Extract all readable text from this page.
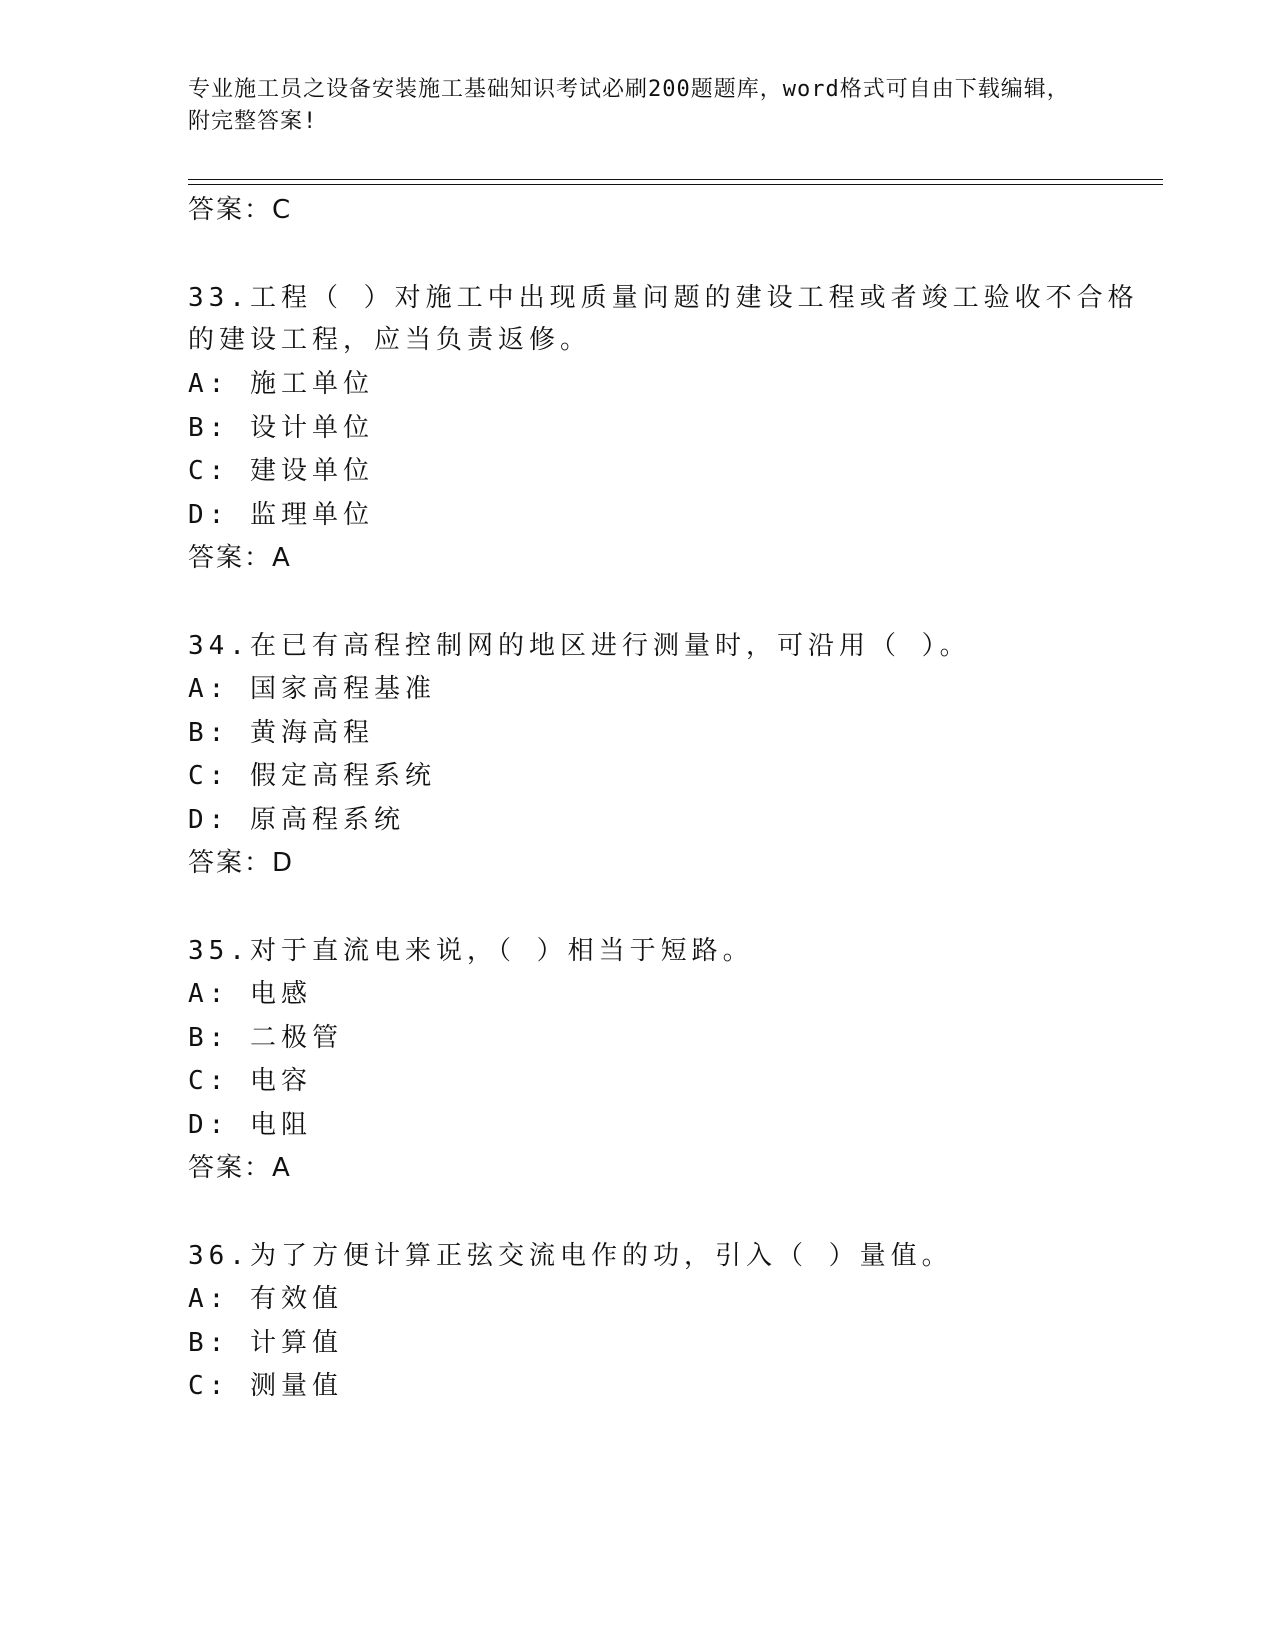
专业施工员之设备安装施工基础知识考试必刷200题题库，word格式可自由下载编辑，附完整答案!
答案：C
33.工程（ ）对施工中出现质量问题的建设工程或者竣工验收不合格
的建设工程，应当负责返修。
A: 施工单位
B: 设计单位
C: 建设单位
D: 监理单位
答案：A
34.在已有高程控制网的地区进行测量时，可沿用（ ）。
A: 国家高程基准
B: 黄海高程
C: 假定高程系统
D: 原高程系统
答案：D
35.对于直流电来说，（ ）相当于短路。
A: 电感
B: 二极管
C: 电容
D: 电阻
答案：A
36.为了方便计算正弦交流电作的功，引入（ ）量值。
A: 有效值
B: 计算值
C: 测量值
